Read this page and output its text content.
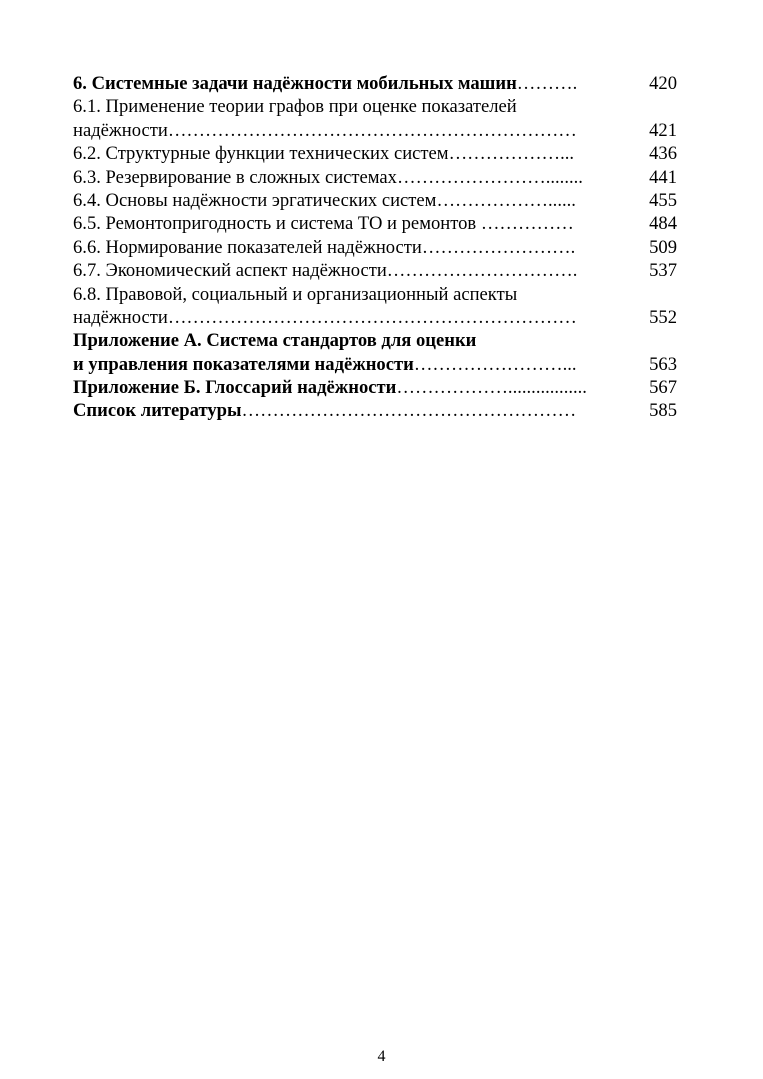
6. Системные задачи надёжности мобильных машин……….	420
6.1. Применение теории графов при оценке показателей
надёжности…………………………………………………………	421
6.2. Структурные функции технических систем………………...	436
6.3. Резервирование в сложных системах……………………........	441
6.4. Основы надёжности эргатических систем………………......	455
6.5. Ремонтопригодность и система ТО и ремонтов ……………	484
6.6. Нормирование показателей надёжности…………………….	509
6.7. Экономический аспект надёжности………………………….	537
6.8. Правовой, социальный и организационный аспекты
надёжности…………………………………………………………	552
Приложение А. Система стандартов для оценки
и управления показателями надёжности……………………...	563
Приложение Б. Глоссарий надёжности……………….................	567
Список литературы………………………………………………	585
4
